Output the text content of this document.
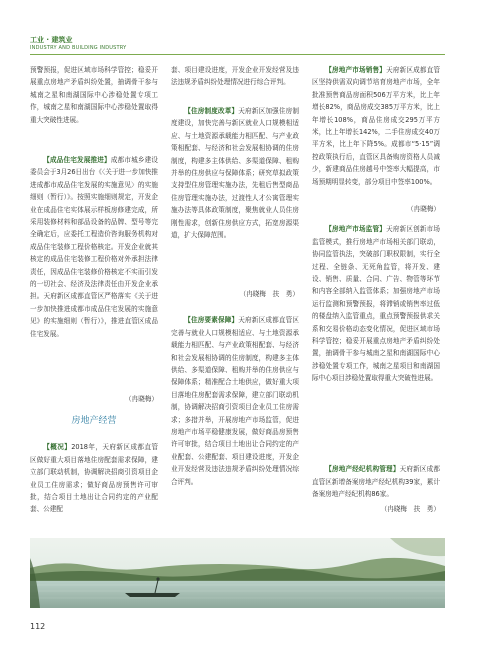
工业 · 建筑业
INDUSTRY AND BUILDING INDUSTRY

预警预报，促进区域市场科学管控；稳妥开展重点房地产矛盾纠纷处置，抽调骨干参与城南之星和南湖国际中心涉稳处置专项工作，城南之星和南湖国际中心涉稳处置取得重大突破性进展。

【成品住宅发展推进】成都市城乡建设委员会于3月26日出台《〈关于进一步加快推进成都市成品住宅发展的实施意见〉的实施细则（暂行）》。按照实施细则规定，开发企业在成品住宅实体展示样板房修建完成，所采用装修材料和部品设备的品牌、型号等完全确定后，应委托工程造价咨询服务机构对成品住宅装修工程价格核定。开发企业就其核定的成品住宅装修工程价格对外承担法律责任，因成品住宅装修价格核定不实而引发的一切社会、经济及法律责任由开发企业承担。天府新区成都直管区严格落实《关于进一步加快推进成都市成品住宅发展的实施意见》的实施细则（暂行）》，推进直管区成品住宅发展。

（冉晓梅）
房地产经营

【概况】2018年，天府新区成都直管区做好重大项目落地住房配套需求保障，建立部门联动机制，协调解决招商引资项目企业员工住房需求；做好商品房预售许可审批，结合项目土地出让合同约定的产业配套、公建配

套、项目建设进度，开发企业开发经营及违法违规矛盾纠纷处理情况进行综合评判。

【住房制度改革】天府新区加强住房制度建设，加快完善与新区就业人口规模相适应、与土地资源承载能力相匹配、与产业政策相配套、与经济和社会发展相协调的住房制度，构建多主体供给、多渠道保障、租购并举的住房供应与保障体系；研究草拟政策支持型住房管理实施办法，先租后售型商品住房管理实施办法，过渡性人才公寓管理实施办法等具体政策制度，聚焦就业人员住房刚性需求，创新住房供应方式，拓宽房源渠道，扩大保障范围。

（冉晓梅　扶　勇）

【住房要素保障】天府新区成都直管区完善与就业人口规模相适应、与土地资源承载能力相匹配、与产业政策相配套、与经济和社会发展相协调的住房制度，构建多主体供给、多渠道保障、租购并举的住房供应与保障体系；精准配合土地供应，做好重大项目落地住房配套需求保障，建立部门联动机制，协调解决招商引资项目企业员工住房需求；多措并举，开展房地产市场监管，促进房地产市场平稳健康发展，做好商品房预售许可审批，结合项目土地出让合同约定的产业配套、公建配套、项目建设进度，开发企业开发经营及违法违规矛盾纠纷处理情况综合评判。

【房地产市场销售】天府新区成都直管区坚持供需双向调节培育房地产市场，全年批准预售商品房面积506万平方米，比上年增长82%，商品房成交385万平方米，比上年增长108%，商品住房成交295万平方米，比上年增长142%，二手住房成交40万平方米，比上年下降5%。成都市“5·15”调控政策执行后，直管区具备购房资格人员减少，新建商品住房越号中签率大幅提高，市场预期明显转变，部分项目中签率100%。

（冉晓梅）

【房地产市场监管】天府新区创新市场监管模式，推行房地产市场相关部门联动，协同监管执法，突破部门职权限制，实行全过程、全链条、无死角监管，将开发、建设、销售、质量、合同、广告、物管等环节和内容全部纳入监管体系；加强房地产市场运行监测和预警预报，将滞销或销售率过低的楼盘纳入监管重点，重点预警预报供求关系和交易价格动态变化情况，促进区域市场科学管控；稳妥开展重点房地产矛盾纠纷处置，抽调骨干参与城南之星和南湖国际中心涉稳处置专项工作，城南之星项目和南湖国际中心项目涉稳处置取得重大突破性进展。

【房地产经纪机构管理】天府新区成都直管区新增备案房地产经纪机构39家，累计备案房地产经纪机构86家。

（冉晓梅　扶　勇）
112
